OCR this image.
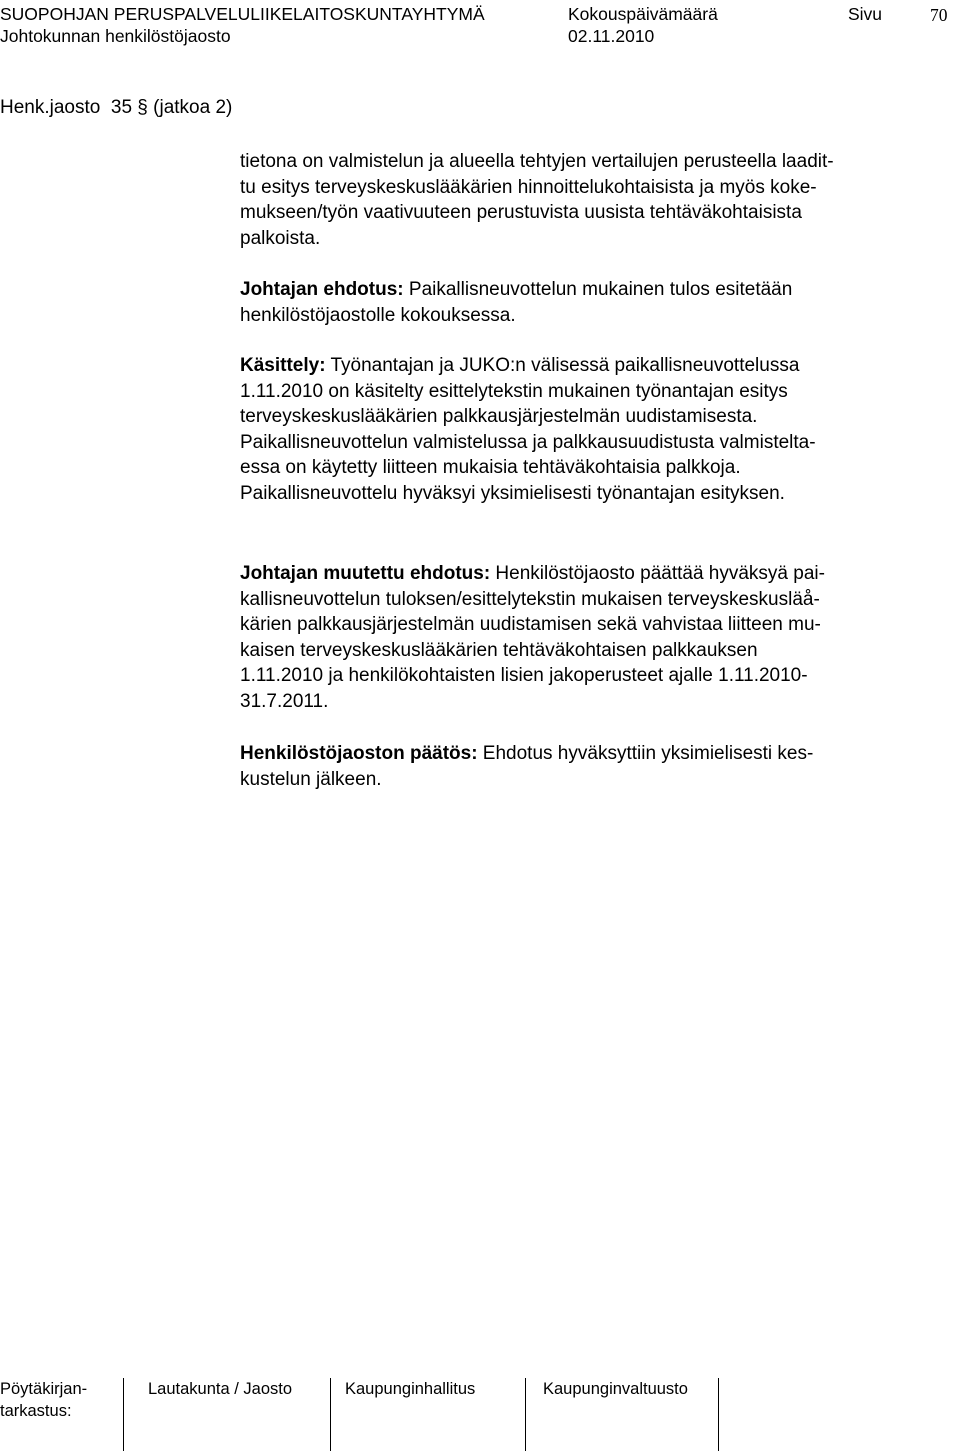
SUOPOHJAN PERUSPALVELULIIKELAITOSKUNTAYHTYMÄ	Kokouspäivämäärä	Sivu	70
Johtokunnan henkilöstöjaosto	02.11.2010
Henk.jaosto  35 § (jatkoa 2)
tietona on valmistelun ja alueella tehtyjen vertailujen perusteella laadit-
tu esitys terveyskeskuslääkärien hinnoittelukohtaisista ja myös koke-
mukseen/työn vaativuuteen perustuvista uusista tehtäväkohtaisista
palkoista.
Johtajan ehdotus: Paikallisneuvottelun mukainen tulos esitetään
henkilöstöjaostolle kokouksessa.
Käsittely: Työnantajan ja JUKO:n välisessä paikallisneuvottelussa
1.11.2010 on käsitelty esittelytekstin mukainen työnantajan esitys
terveyskeskuslääkärien palkkausjärjestelmän uudistamisesta.
Paikallisneuvottelun valmistelussa ja palkkausuudistusta valmistelta-
essa on käytetty liitteen mukaisia tehtäväkohtaisia palkkoja.
Paikallisneuvottelu hyväksyi yksimielisesti työnantajan esityksen.
Johtajan muutettu ehdotus: Henkilöstöjaosto päättää hyväksyä pai-
kallisneuvottelun tuloksen/esittelytekstin mukaisen terveyskeskusläå-
kärien palkkausjärjestelmän uudistamisen sekä vahvistaa liitteen mu-
kaisen terveyskeskuslääkärien tehtäväkohtaisen palkkauksen
1.11.2010 ja henkilökohtaisten lisien jakoperusteet ajalle 1.11.2010-
31.7.2011.
Henkilöstöjaoston päätös: Ehdotus hyväksyttiin yksimielisesti kes-
kustelun jälkeen.
Pöytäkirjan-
tarkastus:
Lautakunta / Jaosto	Kaupunginhallitus	Kaupunginvaltuusto
